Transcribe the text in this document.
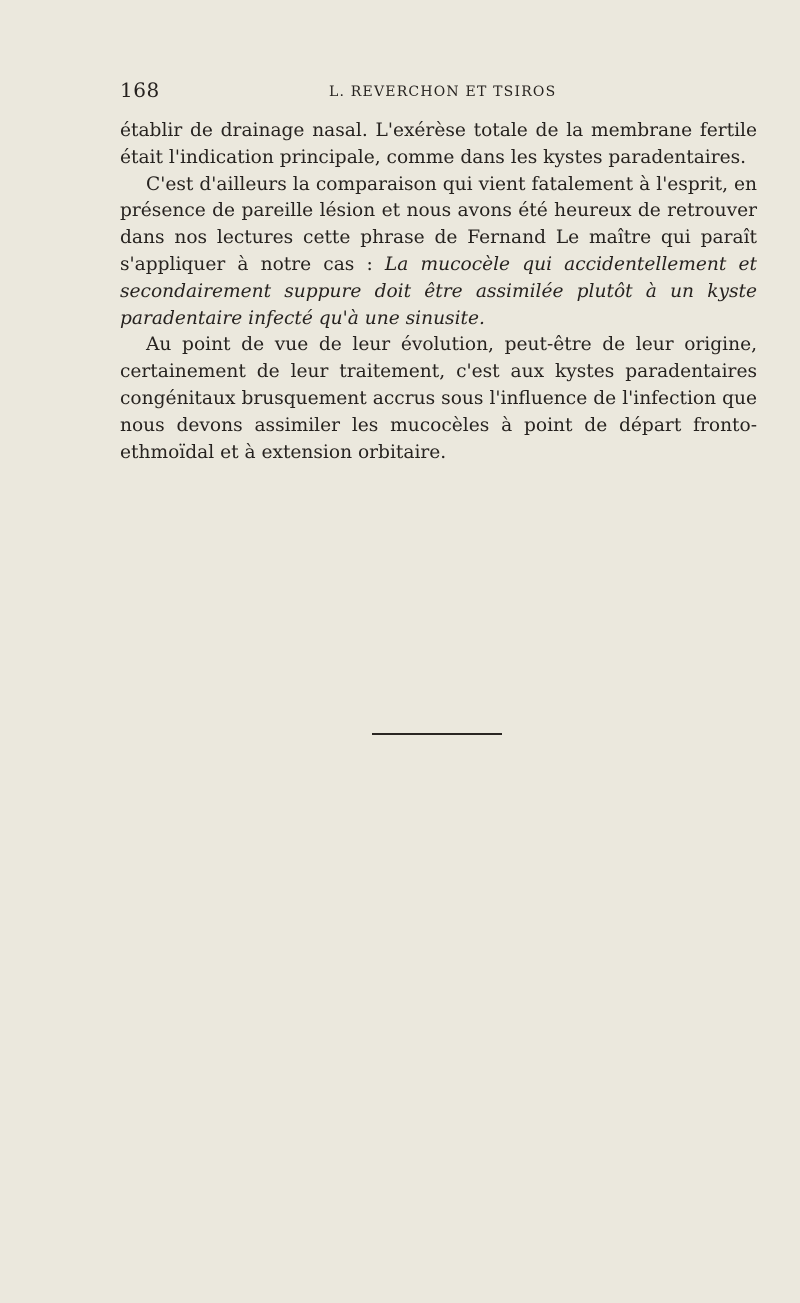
168	L. REVERCHON ET TSIROS

établir de drainage nasal. L'exérèse totale de la membrane fertile était l'indication principale, comme dans les kystes paradentaires.

C'est d'ailleurs la comparaison qui vient fatalement à l'esprit, en présence de pareille lésion et nous avons été heureux de retrouver dans nos lectures cette phrase de Fernand Le maître qui paraît s'appliquer à notre cas : La mucocèle qui accidentellement et secondairement suppure doit être assimilée plutôt à un kyste paradentaire infecté qu'à une sinusite.

Au point de vue de leur évolution, peut-être de leur origine, certainement de leur traitement, c'est aux kystes paradentaires congénitaux brusquement accrus sous l'influence de l'infection que nous devons assimiler les mucocèles à point de départ fronto-ethmoïdal et à extension orbitaire.
